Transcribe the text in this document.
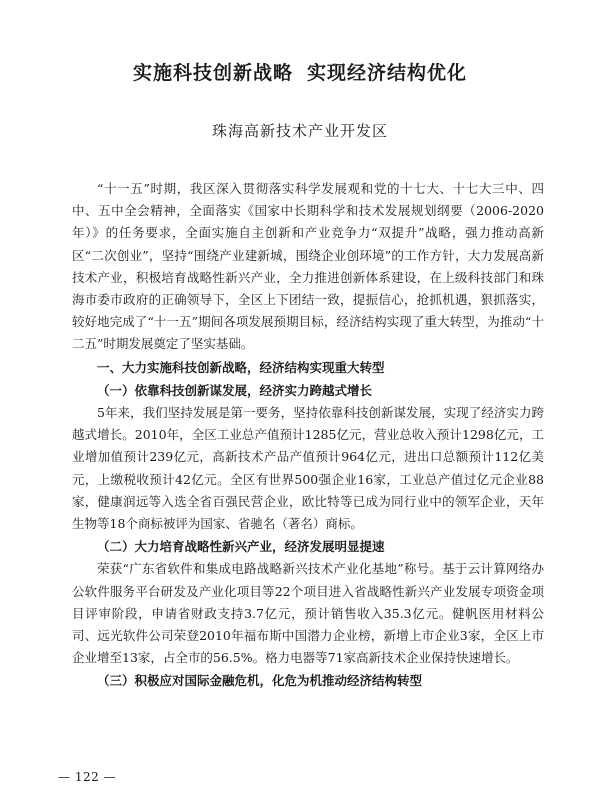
实施科技创新战略 实现经济结构优化
珠海高新技术产业开发区

“十一五”时期，我区深入贯彻落实科学发展观和党的十七大、十七大三中、四中、五中全会精神，全面落实《国家中长期科学和技术发展规划纲要（2006-2020年）》的任务要求，全面实施自主创新和产业竞争力“双提升”战略，强力推动高新区“二次创业”，坚持“围绕产业建新城，围绕企业创环境”的工作方针，大力发展高新技术产业，积极培育战略性新兴产业，全力推进创新体系建设，在上级科技部门和珠海市委市政府的正确领导下，全区上下团结一致，提振信心，抢抓机遇，狠抓落实，较好地完成了“十一五”期间各项发展预期目标，经济结构实现了重大转型，为推动“十二五”时期发展奠定了坚实基础。

一、大力实施科技创新战略，经济结构实现重大转型
（一）依靠科技创新谋发展，经济实力跨越式增长

5年来，我们坚持发展是第一要务，坚持依靠科技创新谋发展，实现了经济实力跨越式增长。2010年，全区工业总产值预计1285亿元，营业总收入预计1298亿元，工业增加值预计239亿元，高新技术产品产值预计964亿元，进出口总额预计112亿美元，上缴税收预计42亿元。全区有世界500强企业16家，工业总产值过亿元企业88家，健康润远等入选全省百强民营企业，欧比特等已成为同行业中的领军企业，天年生物等18个商标被评为国家、省驰名（著名）商标。

（二）大力培育战略性新兴产业，经济发展明显提速

荣获“广东省软件和集成电路战略新兴技术产业化基地”称号。基于云计算网络办公软件服务平台研发及产业化项目等22个项目进入省战略性新兴产业发展专项资金项目评审阶段，申请省财政支持3.7亿元，预计销售收入35.3亿元。健帆医用材料公司、远光软件公司荣登2010年福布斯中国潜力企业榜，新增上市企业3家，全区上市企业增至13家，占全市的56.5%。格力电器等71家高新技术企业保持快速增长。

（三）积极应对国际金融危机，化危为机推动经济结构转型
— 122 —
